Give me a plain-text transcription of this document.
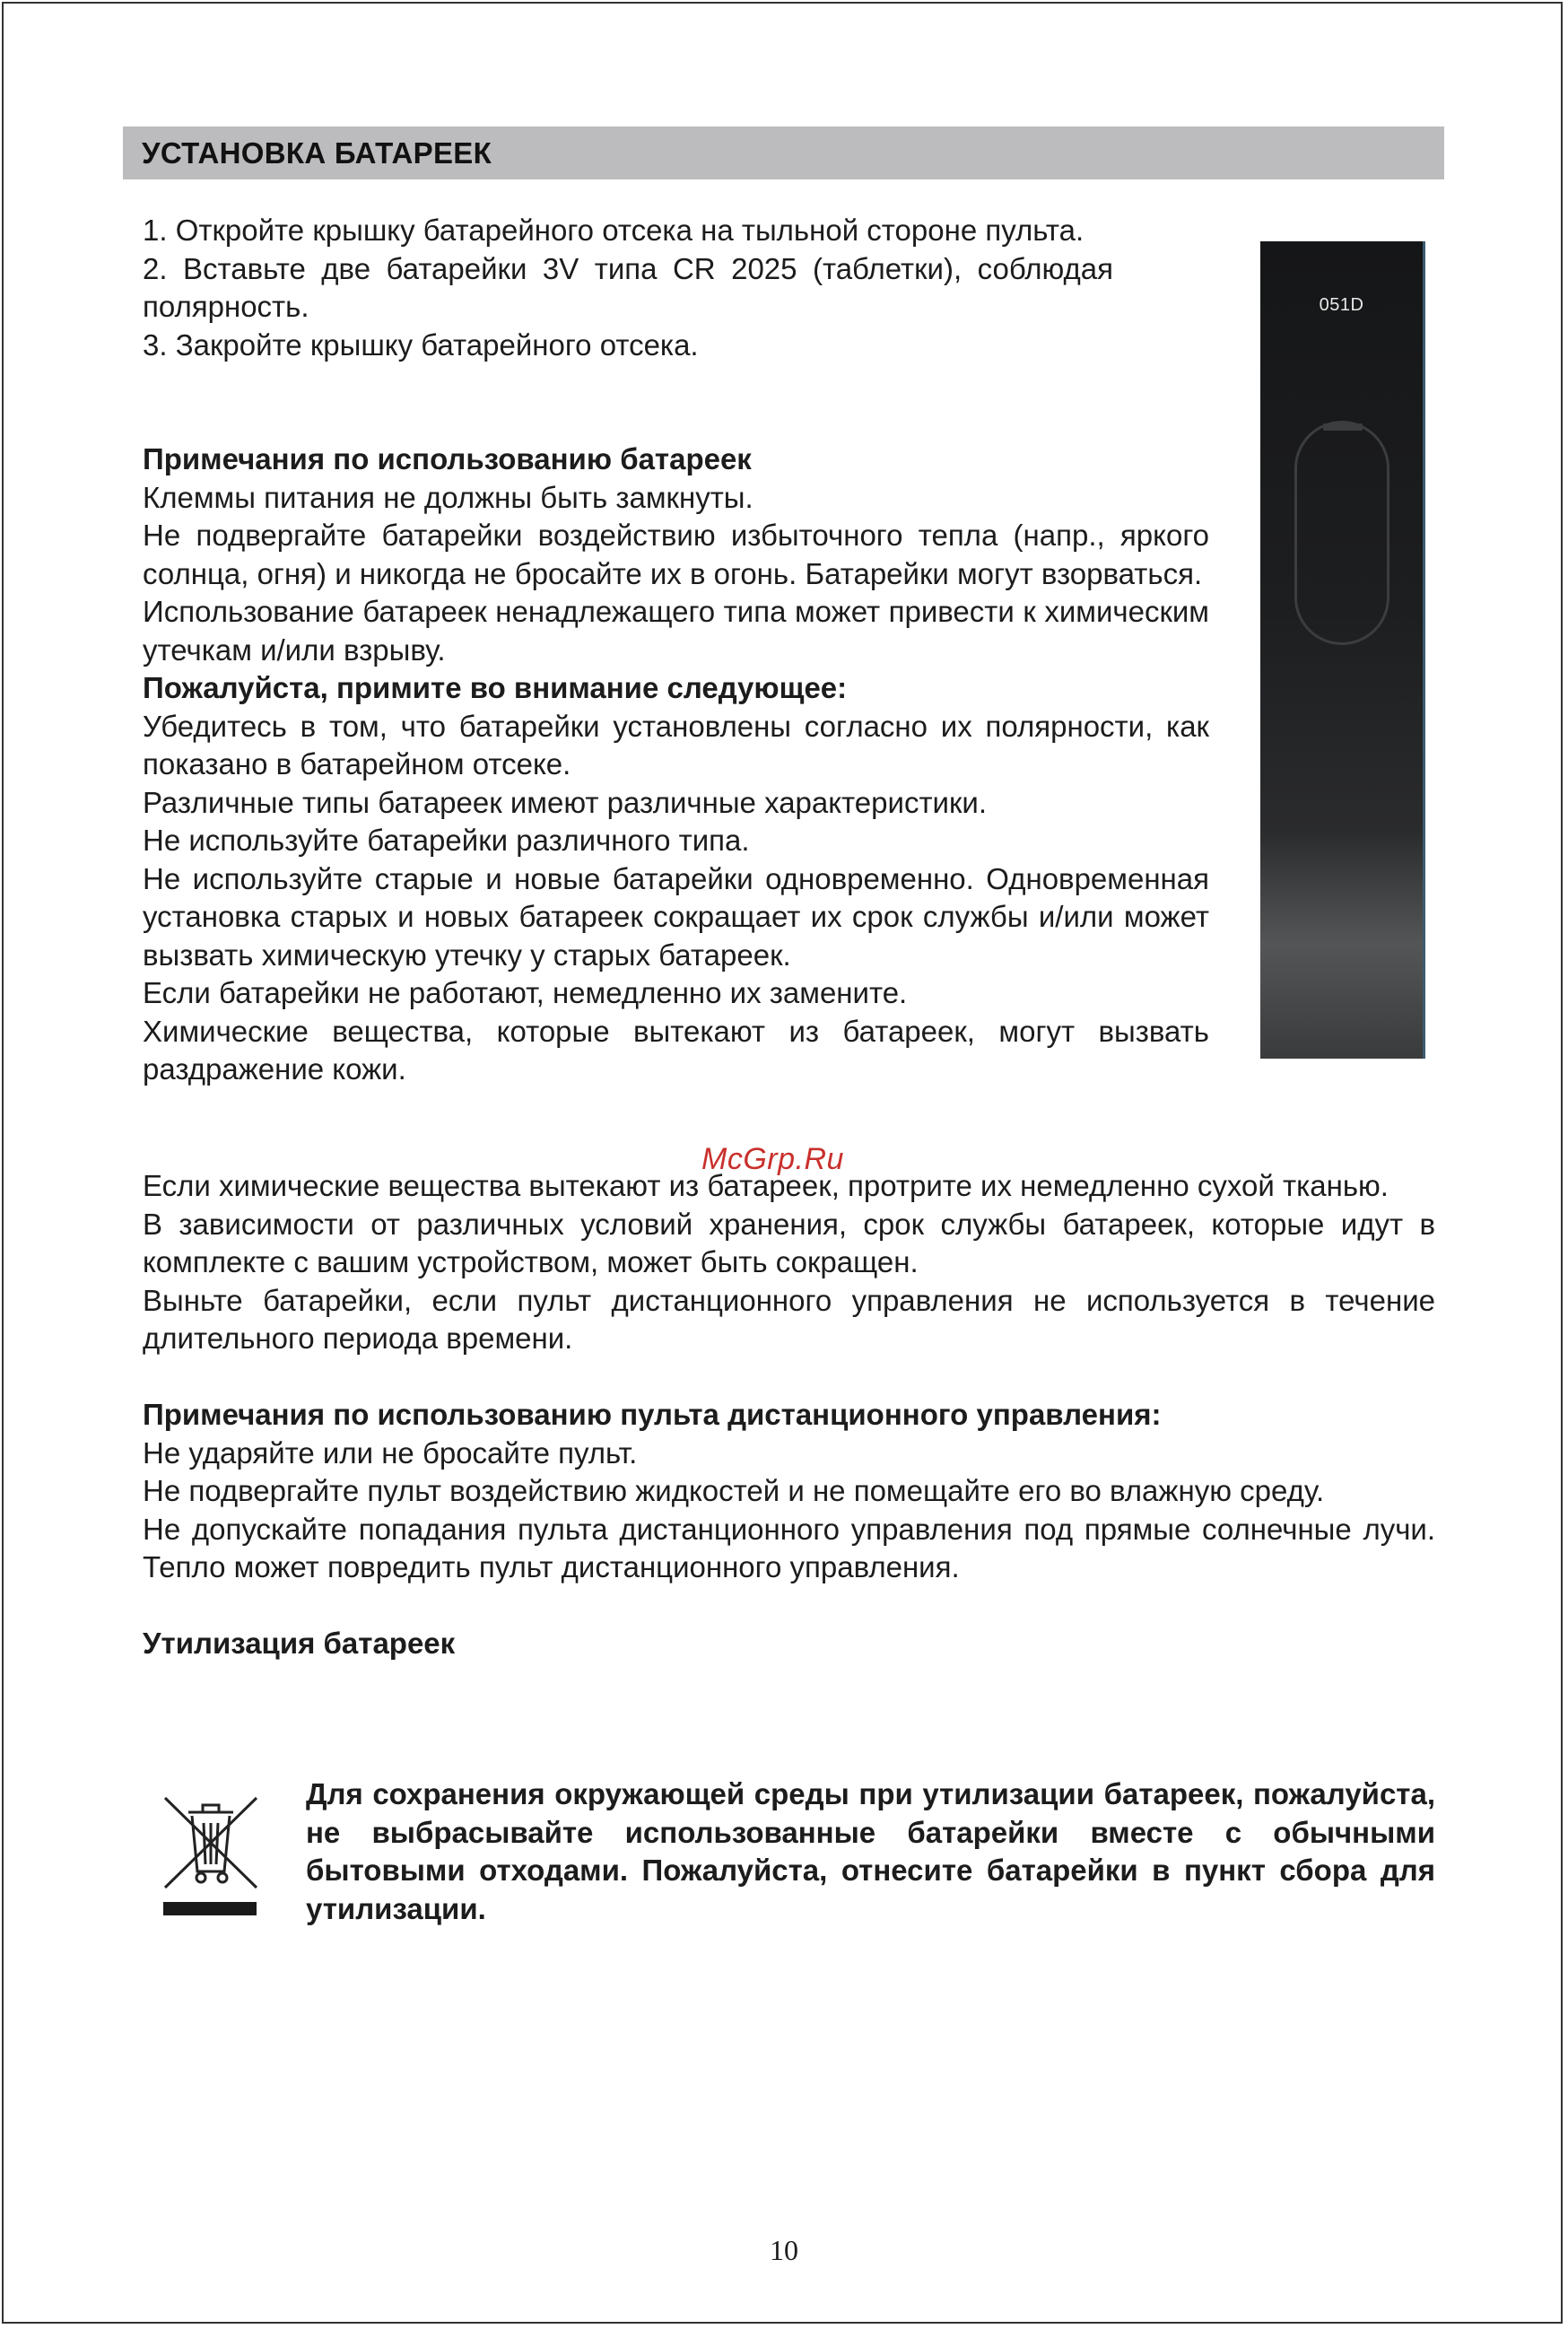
УСТАНОВКА БАТАРЕЕК

1. Откройте крышку батарейного отсека на тыльной стороне пульта.

2. Вставьте две батарейки 3V типа CR 2025 (таблетки), соблюдая полярность.

3. Закройте крышку батарейного отсека.

051D

Примечания по использованию батареек

Клеммы питания не должны быть замкнуты.

Не подвергайте батарейки воздействию избыточного тепла (напр., яркого солнца, огня) и никогда не бросайте их в огонь. Батарейки могут взорваться.

Использование батареек ненадлежащего типа может привести к химическим утечкам и/или взрыву.

Пожалуйста, примите во внимание следующее:

Убедитесь в том, что батарейки установлены согласно их полярности, как показано в батарейном отсеке.

Различные типы батареек имеют различные характеристики.

Не используйте батарейки различного типа.

Не используйте старые и новые батарейки одновременно. Одновременная установка старых и новых батареек сокращает их срок службы и/или может вызвать химическую утечку у старых батареек.

Если батарейки не работают, немедленно их замените.

Химические вещества, которые вытекают из батареек, могут вызвать раздражение кожи.

McGrp.Ru

Если химические вещества вытекают из батареек, протрите их немедленно сухой тканью.

В зависимости от различных условий хранения, срок службы батареек, которые идут в комплекте с вашим устройством, может быть сокращен.

Выньте батарейки, если пульт дистанционного управления не используется в течение длительного периода времени.

Примечания по использованию пульта дистанционного управления:

Не ударяйте или не бросайте пульт.

Не подвергайте пульт воздействию жидкостей и не помещайте его во влажную среду.

Не допускайте попадания пульта дистанционного управления под прямые солнечные лучи. Тепло может повредить пульт дистанционного управления.

Утилизация батареек

Для сохранения окружающей среды при утилизации батареек, пожалуйста, не выбрасывайте использованные батарейки вместе с обычными бытовыми отходами. Пожалуйста, отнесите батарейки в пункт сбора для утилизации.

10
